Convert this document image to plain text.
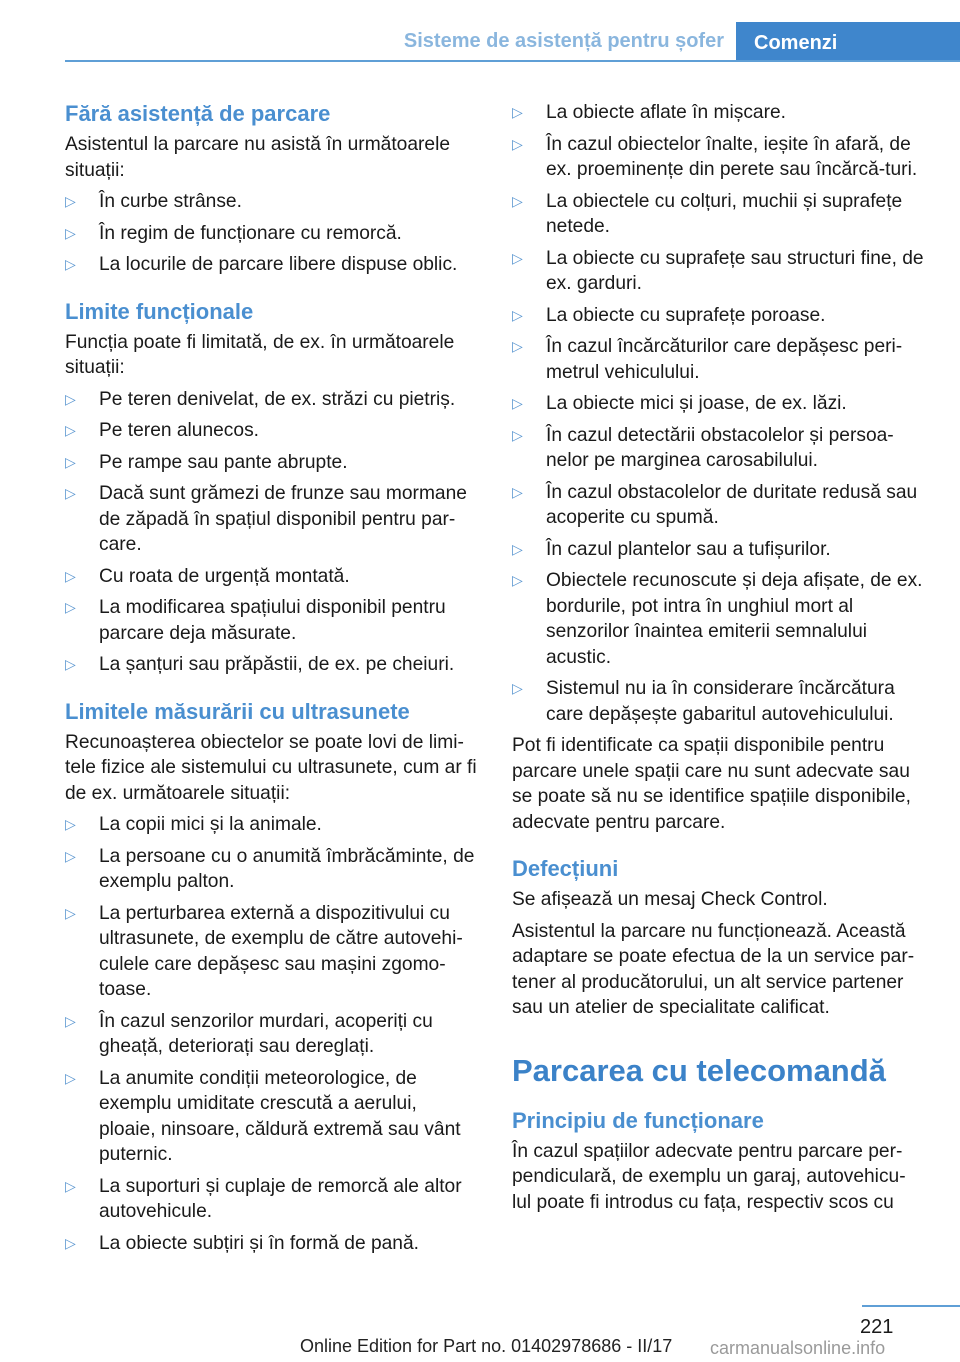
Sisteme de asistență pentru șofer	Comenzi
Fără asistență de parcare

Asistentul la parcare nu asistă în următoarele situații:

▷ În curbe strânse.
▷ În regim de funcționare cu remorcă.
▷ La locurile de parcare libere dispuse oblic.
Limite funcționale

Funcția poate fi limitată, de ex. în următoarele situații:

▷ Pe teren denivelat, de ex. străzi cu pietriș.
▷ Pe teren alunecos.
▷ Pe rampe sau pante abrupte.
▷ Dacă sunt grămezi de frunze sau mormane de zăpadă în spațiul disponibil pentru par-care.
▷ Cu roata de urgență montată.
▷ La modificarea spațiului disponibil pentru parcare deja măsurate.
▷ La șanțuri sau prăpăstii, de ex. pe cheiuri.
Limitele măsurării cu ultrasunete

Recunoașterea obiectelor se poate lovi de limi-tele fizice ale sistemului cu ultrasunete, cum ar fi de ex. următoarele situații:

▷ La copii mici și la animale.
▷ La persoane cu o anumită îmbrăcăminte, de exemplu palton.
▷ La perturbarea externă a dispozitivului cu ultrasunete, de exemplu de către autovehi-culele care depășesc sau mașini zgomo-toase.
▷ În cazul senzorilor murdari, acoperiți cu gheață, deteriorați sau dereglați.
▷ La anumite condiții meteorologice, de exemplu umiditate crescută a aerului, ploaie, ninsoare, căldură extremă sau vânt puternic.
▷ La suporturi și cuplaje de remorcă ale altor autovehicule.
▷ La obiecte subțiri și în formă de pană.
▷ La obiecte aflate în mișcare.
▷ În cazul obiectelor înalte, ieșite în afară, de ex. proeminențe din perete sau încărcă-turi.
▷ La obiectele cu colțuri, muchii și suprafețe netede.
▷ La obiecte cu suprafețe sau structuri fine, de ex. garduri.
▷ La obiecte cu suprafețe poroase.
▷ În cazul încărcăturilor care depășesc peri-metrul vehiculului.
▷ La obiecte mici și joase, de ex. lăzi.
▷ În cazul detectării obstacolelor și persoa-nelor pe marginea carosabilului.
▷ În cazul obstacolelor de duritate redusă sau acoperite cu spumă.
▷ În cazul plantelor sau a tufișurilor.
▷ Obiectele recunoscute și deja afișate, de ex. bordurile, pot intra în unghiul mort al senzorilor înaintea emiterii semnalului acustic.
▷ Sistemul nu ia în considerare încărcătura care depășește gabaritul autovehiculului.

Pot fi identificate ca spații disponibile pentru parcare unele spații care nu sunt adecvate sau se poate să nu se identifice spațiile disponibile, adecvate pentru parcare.

Defecțiuni

Se afișează un mesaj Check Control.

Asistentul la parcare nu funcționează. Această adaptare se poate efectua de la un service par-tener al producătorului, un alt service partener sau un atelier de specialitate calificat.

Parcarea cu telecomandă
Principiu de funcționare

În cazul spațiilor adecvate pentru parcare per-pendiculară, de exemplu un garaj, autovehicu-lul poate fi introdus cu fața, respectiv scos cu

221
Online Edition for Part no. 01402978686 - II/17 carmanualsonline.info
